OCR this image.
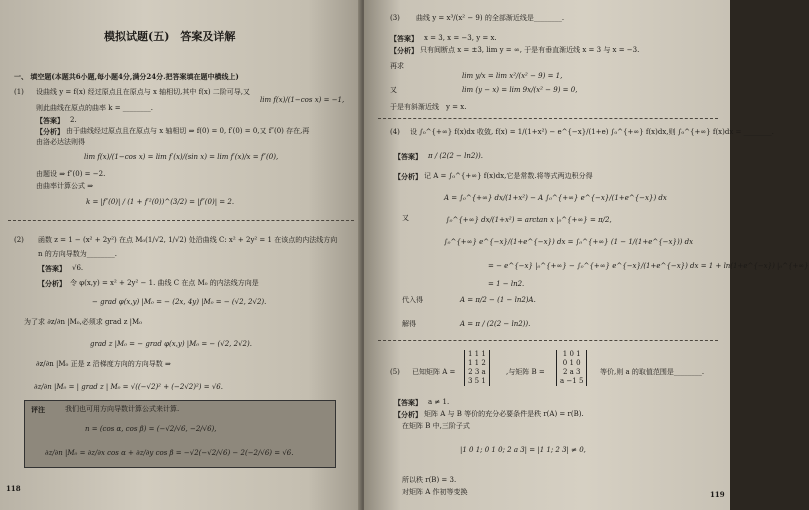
模拟试题(五)　答案及详解
一、 填空题(本题共6小题,每小题4分,满分24分.把答案填在题中横线上)
(1) 设曲线 y = f(x) 经过原点且在原点与 x 轴相切,其中 f(x) 二阶可导,又
lim f(x)/(1−cos x) = −1,
则此曲线在原点的曲率 k = ________.
【答案】 2.
【分析】 由于曲线经过原点且在原点与 x 轴相切 ⇒ f(0) = 0, f′(0) = 0,又 f″(0) 存在,再
由洛必达法则得
lim f(x)/(1−cos x) = lim f′(x)/(sin x) = lim f′(x)/x = f″(0),
由题设 ⇒ f″(0) = −2.
由曲率计算公式 ⇒
k = |f″(0)| / (1 + f′²(0))^(3/2) = |f″(0)| = 2.
(2) 函数 z = 1 − (x² + 2y²) 在点 M₀(1/√2, 1/√2) 处沿曲线 C: x² + 2y² = 1 在该点的内法线方向
n 的方向导数为________.
【答案】 √6.
【分析】 令 φ(x,y) = x² + 2y² − 1. 曲线 C 在点 M₀ 的内法线方向是
− grad φ(x,y) |M₀ = − (2x, 4y) |M₀ = − (√2, 2√2).
为了求 ∂z/∂n |M₀,必须求 grad z |M₀
grad z |M₀ = − grad φ(x,y) |M₀ = − (√2, 2√2).
∂z/∂n |M₀ 正是 z 沿梯度方向的方向导数 ⇒
∂z/∂n |M₀ = | grad z | M₀ = √((−√2)² + (−2√2)²) = √6.
评注	我们也可用方向导数计算公式来计算.
n = (cos α, cos β) = (−√2/√6, −2/√6),
∂z/∂n |M₀ = ∂z/∂x cos α + ∂z/∂y cos β = −√2(−√2/√6) − 2(−2/√6) = √6.
118
(3) 曲线 y = x³/(x² − 9) 的全部渐近线是________.
【答案】 x = 3, x = −3, y = x.
【分析】 只有间断点 x = ±3, lim y = ∞, 于是有垂直渐近线 x = 3 与 x = −3.
再求
lim y/x = lim x²/(x² − 9) = 1,
又	lim (y − x) = lim 9x/(x² − 9) = 0,
于是有斜渐近线　y = x.
(4) 设 ∫₀^{+∞} f(x)dx 收敛, f(x) = 1/(1+x²) − e^{−x}/(1+e) ∫₀^{+∞} f(x)dx,则 ∫₀^{+∞} f(x)dx = ________.
【答案】 π / (2(2 − ln2)).
【分析】 记 A = ∫₀^{+∞} f(x)dx,它是常数.将等式两边积分得
A = ∫₀^{+∞} dx/(1+x²) − A ∫₀^{+∞} e^{−x}/(1+e^{−x}) dx
又	∫₀^{+∞} dx/(1+x²) = arctan x |₀^{+∞} = π/2,
∫₀^{+∞} e^{−x}/(1+e^{−x}) dx = ∫₀^{+∞} (1 − 1/(1+e^{−x})) dx
= − e^{−x} |₀^{+∞} − ∫₀^{+∞} e^{−x}/(1+e^{−x}) dx = 1 + ln(1+e^{−x}) |₀^{+∞}
= 1 − ln2.
代入得	A = π/2 − (1 − ln2)A.
解得	A = π / (2(2 − ln2)).
(5) 已知矩阵 A =
1 1 1
1 1 2
2 3 a
3 5 1
,与矩阵 B =
1 0 1
0 1 0
2 a 3
a −1 5
等价,则 a 的取值范围是________.
【答案】 a ≠ 1.
【分析】 矩阵 A 与 B 等价的充分必要条件是秩 r(A) = r(B).
在矩阵 B 中,三阶子式
|1 0 1; 0 1 0; 2 a 3| = |1 1; 2 3| ≠ 0,
所以秩 r(B) = 3.
对矩阵 A 作初等变换	119
